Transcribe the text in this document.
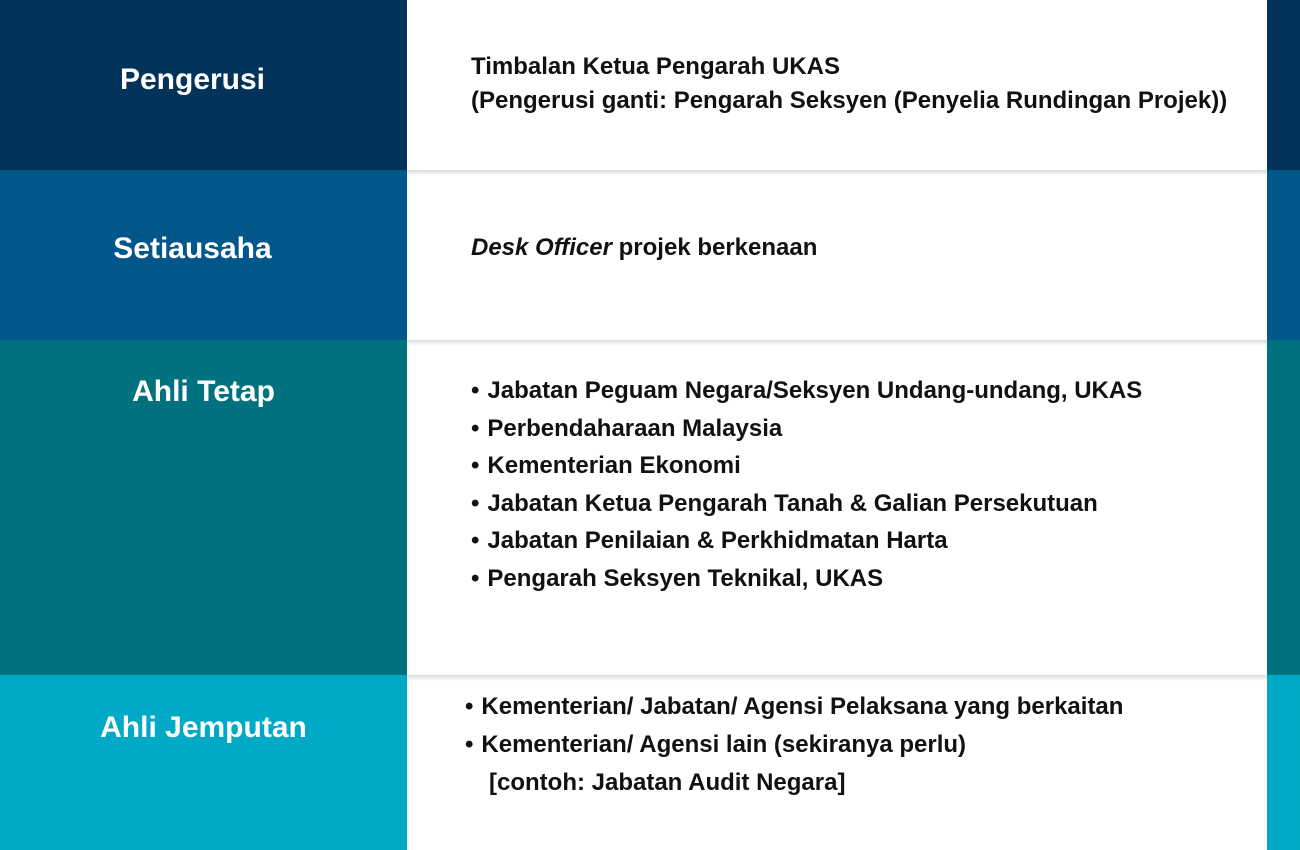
Pengerusi	Timbalan Ketua Pengarah UKAS
(Pengerusi ganti: Pengarah Seksyen (Penyelia Rundingan Projek))
Setiausaha	Desk Officer projek berkenaan
Ahli Tetap
•	Jabatan Peguam Negara/Seksyen Undang-undang, UKAS
• Perbendaharaan Malaysia
• Kementerian Ekonomi
• Jabatan Ketua Pengarah Tanah & Galian Persekutuan
• Jabatan Penilaian & Perkhidmatan Harta
• Pengarah Seksyen Teknikal, UKAS
Ahli Jemputan
• Kementerian/ Jabatan/ Agensi Pelaksana yang berkaitan
• Kementerian/ Agensi lain (sekiranya perlu)
[contoh: Jabatan Audit Negara]
